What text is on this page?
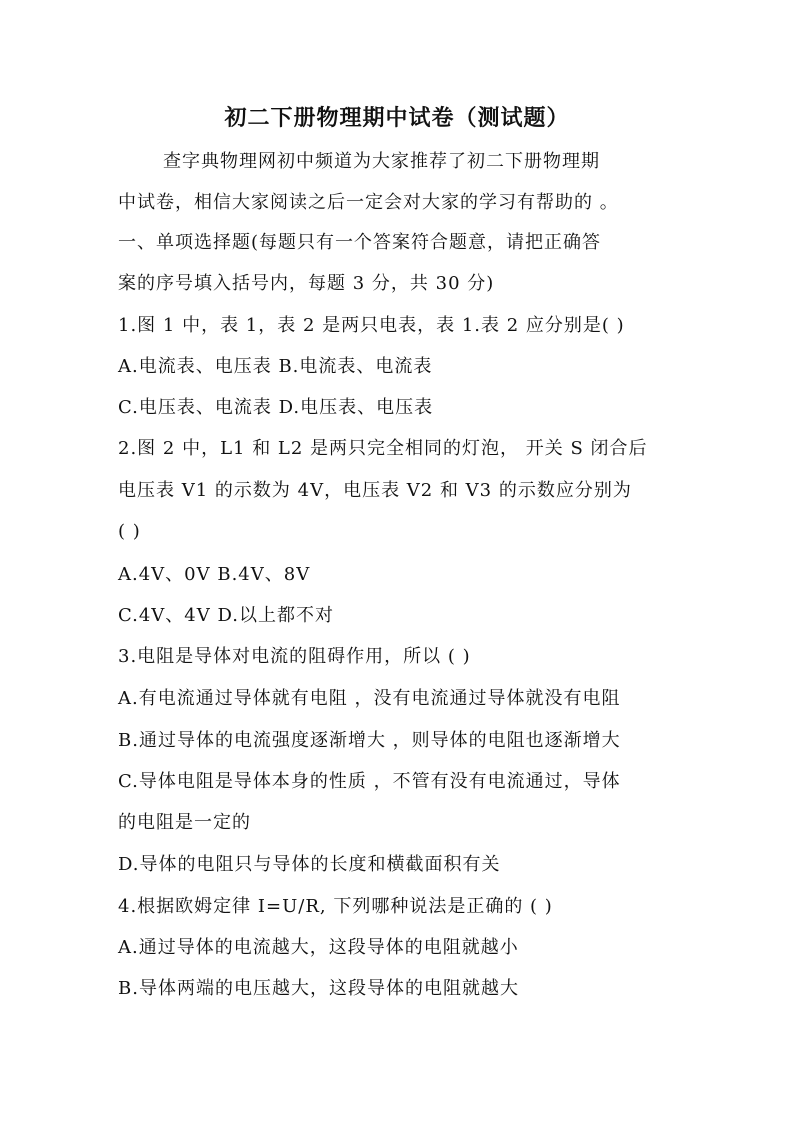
初二下册物理期中试卷（测试题）
查字典物理网初中频道为大家推荐了初二下册物理期
中试卷，相信大家阅读之后一定会对大家的学习有帮助的 。
一、单项选择题(每题只有一个答案符合题意，请把正确答
案的序号填入括号内，每题 3 分，共 30 分)
1.图 1 中，表 1，表 2 是两只电表，表 1.表 2 应分别是( )
A.电流表、电压表 B.电流表、电流表
C.电压表、电流表 D.电压表、电压表
2.图 2 中，L1 和 L2 是两只完全相同的灯泡， 开关 S 闭合后
电压表 V1 的示数为 4V，电压表 V2 和 V3 的示数应分别为
( )
A.4V、0V B.4V、8V
C.4V、4V D.以上都不对
3.电阻是导体对电流的阻碍作用，所以 ( )
A.有电流通过导体就有电阻 ，没有电流通过导体就没有电阻
B.通过导体的电流强度逐渐增大 ，则导体的电阻也逐渐增大
C.导体电阻是导体本身的性质 ，不管有没有电流通过，导体
的电阻是一定的
D.导体的电阻只与导体的长度和横截面积有关
4.根据欧姆定律 I=U/R, 下列哪种说法是正确的 ( )
A.通过导体的电流越大，这段导体的电阻就越小
B.导体两端的电压越大，这段导体的电阻就越大
